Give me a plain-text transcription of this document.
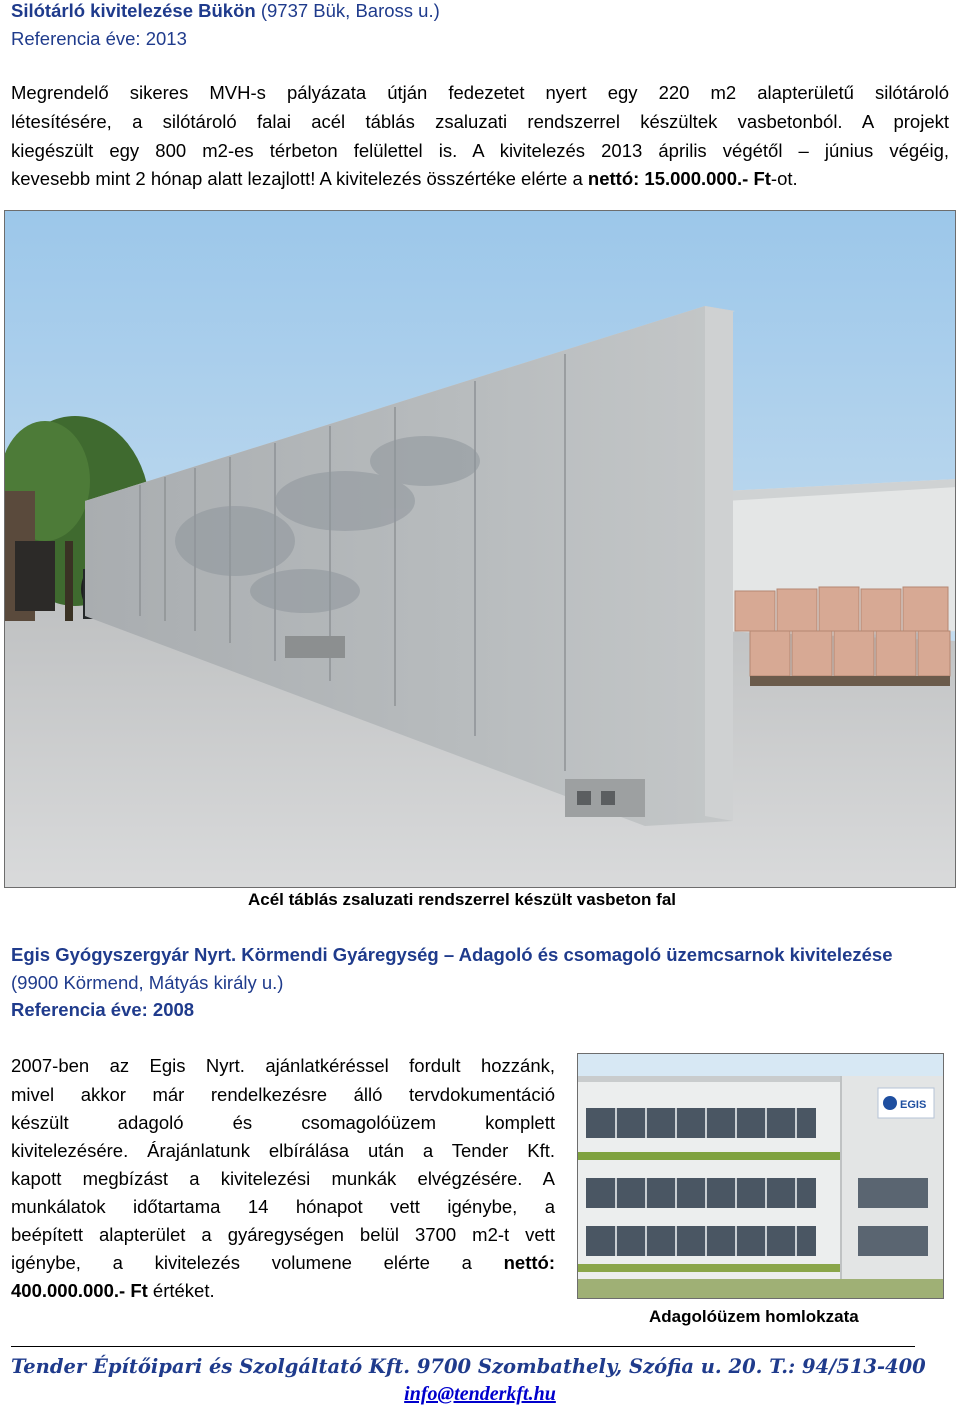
Silótárló kivitelezése Bükön (9737 Bük, Baross u.)
Referencia éve: 2013
Megrendelő sikeres MVH-s pályázata útján fedezetet nyert egy 220 m2 alapterületű silótároló
létesítésére, a silótároló falai acél táblás zsaluzati rendszerrel készültek vasbetonból. A projekt
kiegészült egy 800 m2-es térbeton felülettel is. A kivitelezés 2013 április végétől – június végéig,
kevesebb mint 2 hónap alatt lezajlott! A kivitelezés összértéke elérte a nettó: 15.000.000.- Ft-ot.
Acél táblás zsaluzati rendszerrel készült vasbeton fal
Egis Gyógyszergyár Nyrt. Körmendi Gyáregység – Adagoló és csomagoló üzemcsarnok kivitelezése
(9900 Körmend, Mátyás király u.)
Referencia éve: 2008
2007-ben az Egis Nyrt. ajánlatkéréssel fordult hozzánk,
mivel akkor már rendelkezésre álló tervdokumentáció
készült adagoló és csomagolóüzem komplett
kivitelezésére. Árajánlatunk elbírálása után a Tender Kft.
kapott megbízást a kivitelezési munkák elvégzésére. A
munkálatok időtartama 14 hónapot vett igénybe, a
beépített alapterület a gyáregységen belül 3700 m2-t vett
igénybe, a kivitelezés volumene elérte a nettó:
400.000.000.- Ft értéket.
EGIS
Adagolóüzem homlokzata
Tender Építőipari és Szolgáltató Kft. 9700 Szombathely, Szófia u. 20. T.: 94/513-400
info@tenderkft.hu
